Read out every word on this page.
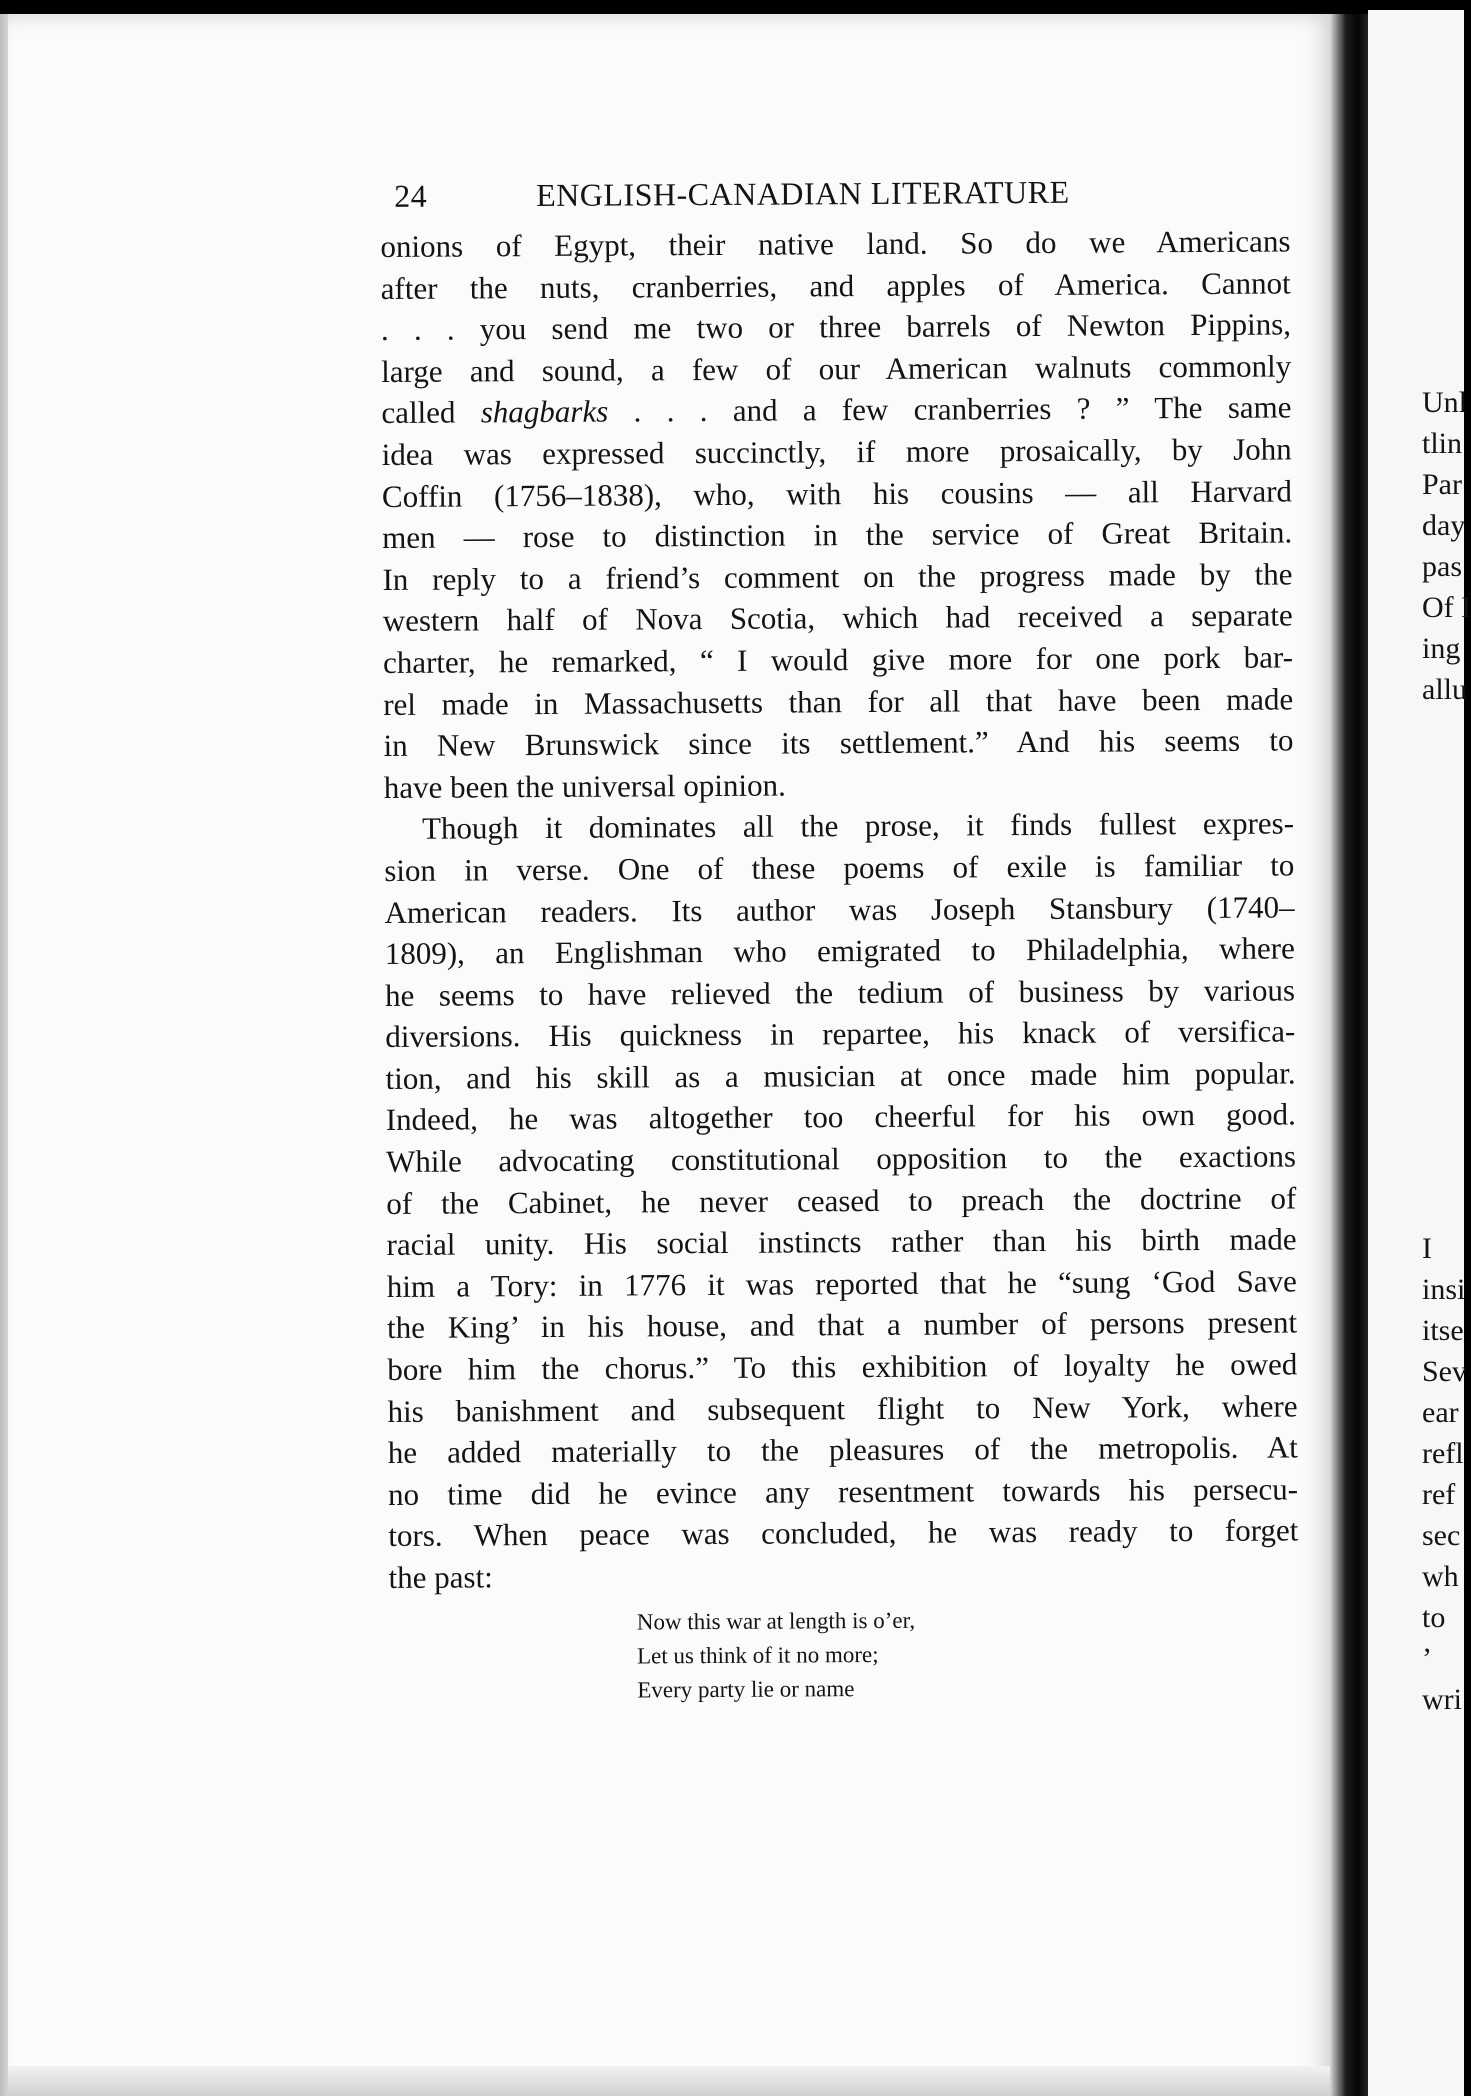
Unl
tlin
Par
day
pas
Of I
ing
allu
I
insi
itse
Sev
ear
refl
ref
sec
wh
to
’
wri
24	ENGLISH-CANADIAN LITERATURE
onions of Egypt, their native land. So do we Americans
after the nuts, cranberries, and apples of America. Cannot
. . . you send me two or three barrels of Newton Pippins,
large and sound, a few of our American walnuts commonly
called shagbarks . . . and a few cranberries ? ” The same
idea was expressed succinctly, if more prosaically, by John
Coffin (1756–1838), who, with his cousins — all Harvard
men — rose to distinction in the service of Great Britain.
In reply to a friend’s comment on the progress made by the
western half of Nova Scotia, which had received a separate
charter, he remarked, “ I would give more for one pork bar-
rel made in Massachusetts than for all that have been made
in New Brunswick since its settlement.” And his seems to
have been the universal opinion.
Though it dominates all the prose, it finds fullest expres-
sion in verse. One of these poems of exile is familiar to
American readers. Its author was Joseph Stansbury (1740–
1809), an Englishman who emigrated to Philadelphia, where
he seems to have relieved the tedium of business by various
diversions. His quickness in repartee, his knack of versifica-
tion, and his skill as a musician at once made him popular.
Indeed, he was altogether too cheerful for his own good.
While advocating constitutional opposition to the exactions
of the Cabinet, he never ceased to preach the doctrine of
racial unity. His social instincts rather than his birth made
him a Tory: in 1776 it was reported that he “sung ‘God Save
the King’ in his house, and that a number of persons present
bore him the chorus.” To this exhibition of loyalty he owed
his banishment and subsequent flight to New York, where
he added materially to the pleasures of the metropolis. At
no time did he evince any resentment towards his persecu-
tors. When peace was concluded, he was ready to forget
the past:
Now this war at length is o’er,
Let us think of it no more;
Every party lie or name
